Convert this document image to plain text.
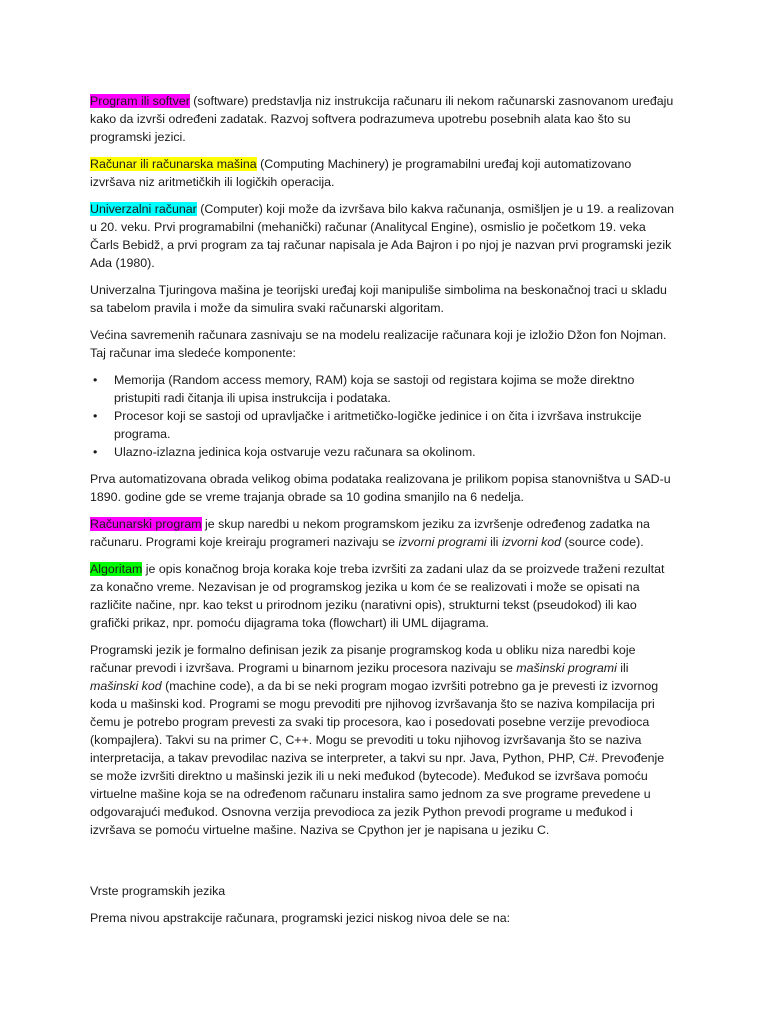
Program ili softver (software) predstavlja niz instrukcija računaru ili nekom računarski zasnovanom uređaju kako da izvrši određeni zadatak. Razvoj softvera podrazumeva upotrebu posebnih alata kao što su programski jezici.

Računar ili računarska mašina (Computing Machinery) je programabilni uređaj koji automatizovano izvršava niz aritmetičkih ili logičkih operacija.

Univerzalni računar (Computer) koji može da izvršava bilo kakva računanja, osmišljen je u 19. a realizovan u 20. veku. Prvi programabilni (mehanički) računar (Analitycal Engine), osmislio je početkom 19. veka Čarls Bebidž, a prvi program za taj računar napisala je Ada Bajron i po njoj je nazvan prvi programski jezik Ada (1980).

Univerzalna Tjuringova mašina je teorijski uređaj koji manipuliše simbolima na beskonačnoj traci u skladu sa tabelom pravila i može da simulira svaki računarski algoritam.

Većina savremenih računara zasnivaju se na modelu realizacije računara koji je izložio Džon fon Nojman. Taj računar ima sledeće komponente:

• Memorija (Random access memory, RAM) koja se sastoji od registara kojima se može direktno pristupiti radi čitanja ili upisa instrukcija i podataka.
• Procesor koji se sastoji od upravljačke i aritmetičko-logičke jedinice i on čita i izvršava instrukcije programa.
• Ulazno-izlazna jedinica koja ostvaruje vezu računara sa okolinom.

Prva automatizovana obrada velikog obima podataka realizovana je prilikom popisa stanovništva u SAD-u 1890. godine gde se vreme trajanja obrade sa 10 godina smanjilo na 6 nedelja.

Računarski program je skup naredbi u nekom programskom jeziku za izvršenje određenog zadatka na računaru. Programi koje kreiraju programeri nazivaju se izvorni programi ili izvorni kod (source code).

Algoritam je opis konačnog broja koraka koje treba izvršiti za zadani ulaz da se proizvede traženi rezultat za konačno vreme. Nezavisan je od programskog jezika u kom će se realizovati i može se opisati na različite načine, npr. kao tekst u prirodnom jeziku (narativni opis), strukturni tekst (pseudokod) ili kao grafički prikaz, npr. pomoću dijagrama toka (flowchart) ili UML dijagrama.

Programski jezik je formalno definisan jezik za pisanje programskog koda u obliku niza naredbi koje računar prevodi i izvršava. Programi u binarnom jeziku procesora nazivaju se mašinski programi ili mašinski kod (machine code), a da bi se neki program mogao izvršiti potrebno ga je prevesti iz izvornog koda u mašinski kod. Programi se mogu prevoditi pre njihovog izvršavanja što se naziva kompilacija pri čemu je potrebo program prevesti za svaki tip procesora, kao i posedovati posebne verzije prevodioca (kompajlera). Takvi su na primer C, C++. Mogu se prevoditi u toku njihovog izvršavanja što se naziva interpretacija, a takav prevodilac naziva se interpreter, a takvi su npr. Java, Python, PHP, C#. Prevođenje se može izvršiti direktno u mašinski jezik ili u neki međukod (bytecode). Međukod se izvršava pomoću virtuelne mašine koja se na određenom računaru instalira samo jednom za sve programe prevedene u odgovarajući međukod. Osnovna verzija prevodioca za jezik Python prevodi programe u međukod i izvršava se pomoću virtuelne mašine. Naziva se Cpython jer je napisana u jeziku C.

Vrste programskih jezika

Prema nivou apstrakcije računara, programski jezici niskog nivoa dele se na:
